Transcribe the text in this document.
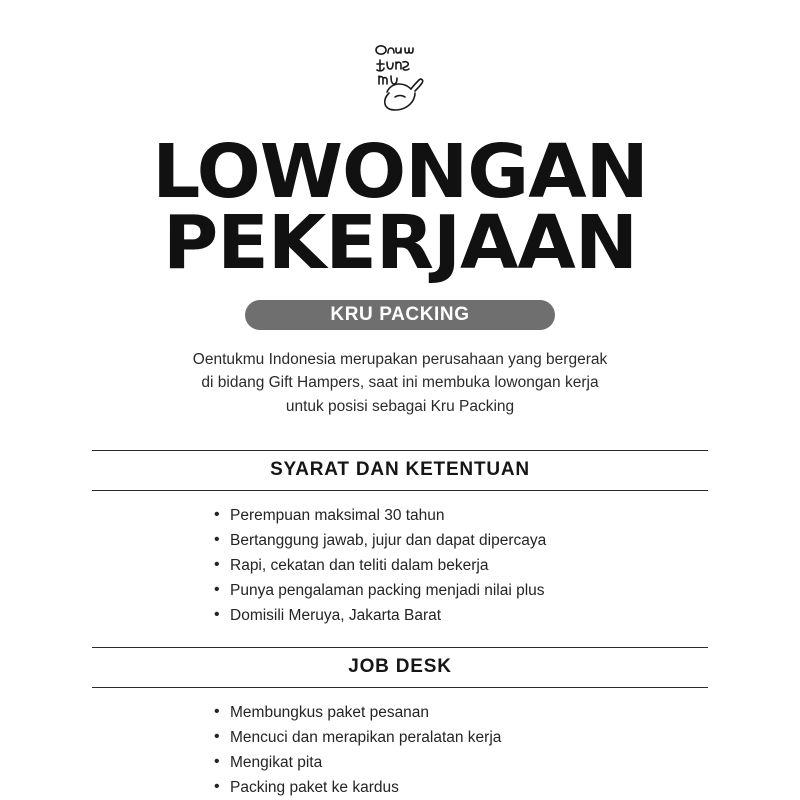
LOWONGAN
PEKERJAAN
KRU PACKING

Oentukmu Indonesia merupakan perusahaan yang bergerak di bidang Gift Hampers, saat ini membuka lowongan kerja untuk posisi sebagai Kru Packing

SYARAT DAN KETENTUAN
• Perempuan maksimal 30 tahun
• Bertanggung jawab, jujur dan dapat dipercaya
• Rapi, cekatan dan teliti dalam bekerja
• Punya pengalaman packing menjadi nilai plus
• Domisili Meruya, Jakarta Barat
JOB DESK
• Membungkus paket pesanan
• Mencuci dan merapikan peralatan kerja
• Mengikat pita
• Packing paket ke kardus
